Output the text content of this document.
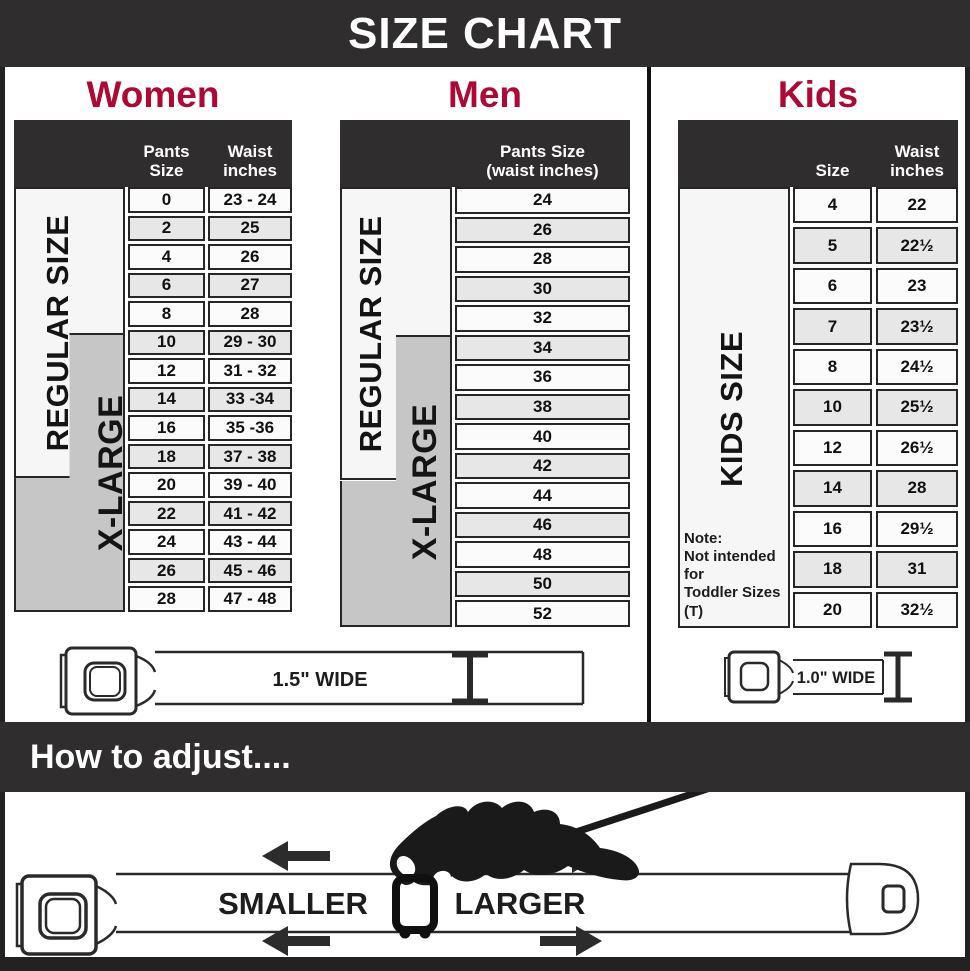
SIZE CHART
Women	Men	Kids
Pants Size
Waist inches
REGULAR SIZE
X-LARGE
0	23 - 24
2	25
4	26
6	27
8	28
10	29 - 30
12	31 - 32
14	33 -34
16	35 -36
18	37 - 38
20	39 - 40
22	41 - 42
24	43 - 44
26	45 - 46
28	47 - 48
Pants Size
(waist inches)
REGULAR SIZE
X-LARGE
24
26
28
30
32
34
36
38
40
42
44
46
48
50
52
Size
Waist inches
Note:
Not intended for
Toddler Sizes (T)
KIDS SIZE
4	22
5	22½
6	23
7	23½
8	24½
10	25½
12	26½
14	28
16	29½
18	31
20	32½
1.5" WIDE	1.0" WIDE
How to adjust....
SMALLER	LARGER
